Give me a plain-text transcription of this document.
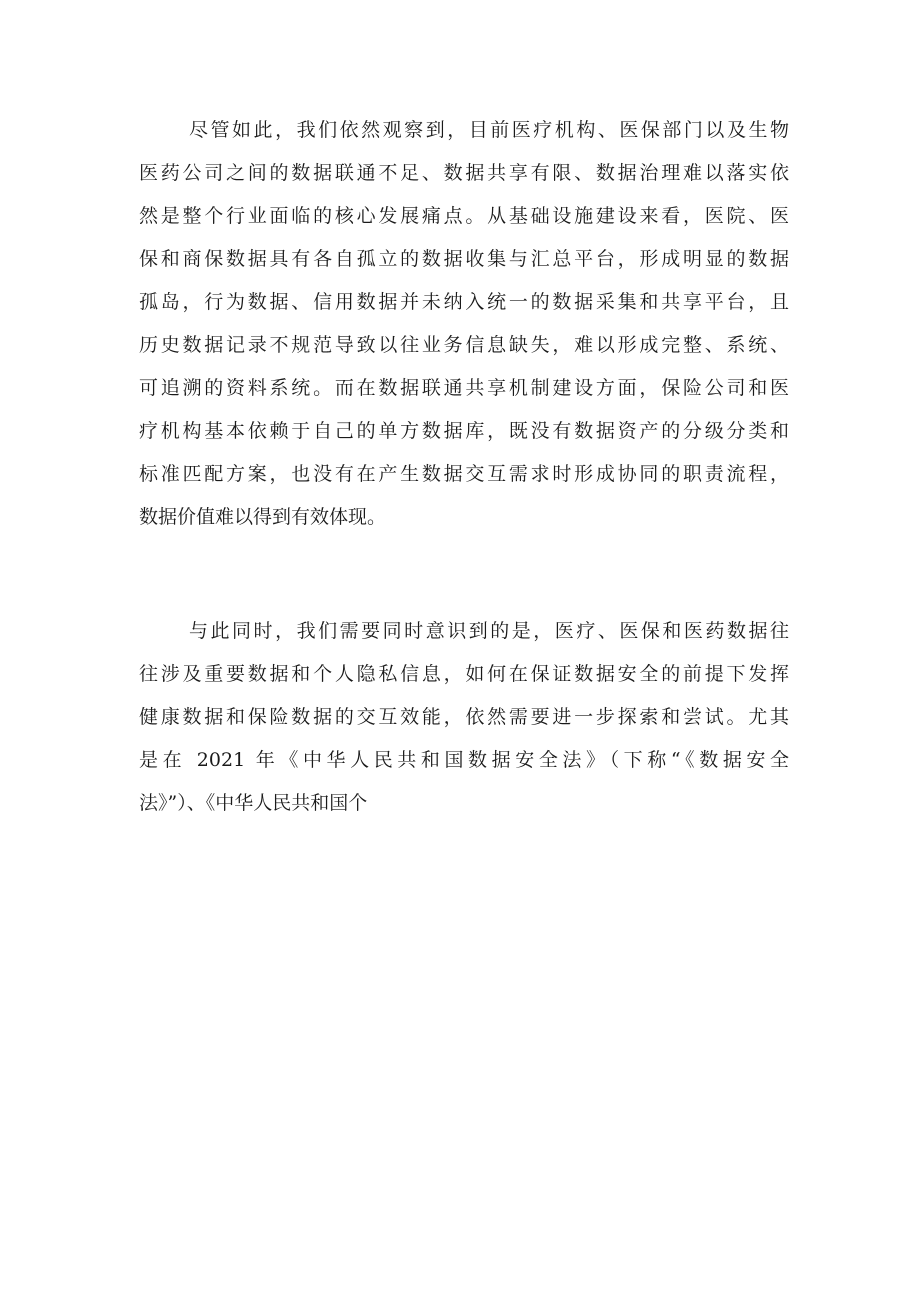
尽管如此，我们依然观察到，目前医疗机构、医保部门以及生物

医药公司之间的数据联通不足、数据共享有限、数据治理难以落实依

然是整个行业面临的核心发展痛点。从基础设施建设来看，医院、医

保和商保数据具有各自孤立的数据收集与汇总平台，形成明显的数据

孤岛，行为数据、信用数据并未纳入统一的数据采集和共享平台，且

历史数据记录不规范导致以往业务信息缺失，难以形成完整、系统、

可追溯的资料系统。而在数据联通共享机制建设方面，保险公司和医

疗机构基本依赖于自己的单方数据库，既没有数据资产的分级分类和

标准匹配方案，也没有在产生数据交互需求时形成协同的职责流程，

数据价值难以得到有效体现。

与此同时，我们需要同时意识到的是，医疗、医保和医药数据往

往涉及重要数据和个人隐私信息，如何在保证数据安全的前提下发挥

健康数据和保险数据的交互效能，依然需要进一步探索和尝试。尤其

是在 2021 年《中华人民共和国数据安全法》（下称“《数据安全

法》”）、《中华人民共和国个
